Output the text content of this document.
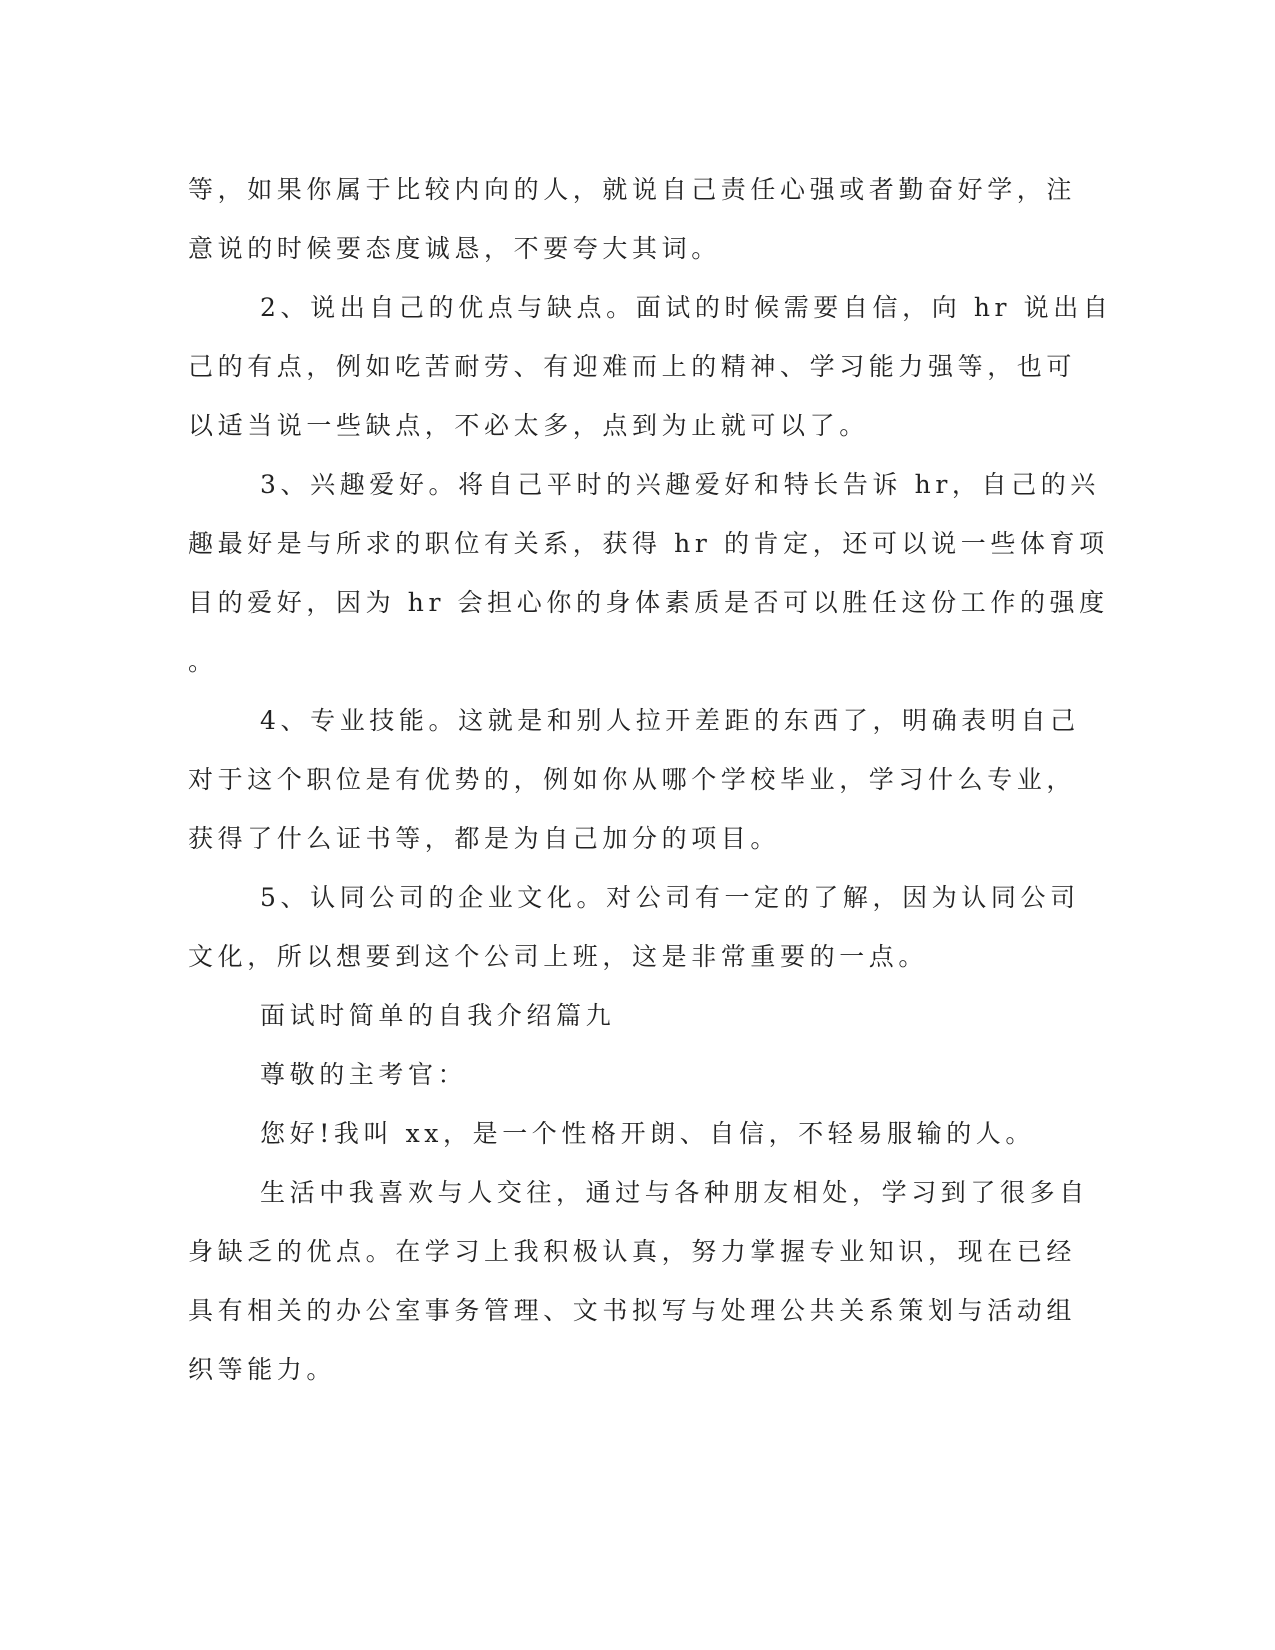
等，如果你属于比较内向的人，就说自己责任心强或者勤奋好学，注
意说的时候要态度诚恳，不要夸大其词。
2、说出自己的优点与缺点。面试的时候需要自信，向 hr 说出自
己的有点，例如吃苦耐劳、有迎难而上的精神、学习能力强等，也可
以适当说一些缺点，不必太多，点到为止就可以了。
3、兴趣爱好。将自己平时的兴趣爱好和特长告诉 hr，自己的兴
趣最好是与所求的职位有关系，获得 hr 的肯定，还可以说一些体育项
目的爱好，因为 hr 会担心你的身体素质是否可以胜任这份工作的强度
。
4、专业技能。这就是和别人拉开差距的东西了，明确表明自己
对于这个职位是有优势的，例如你从哪个学校毕业，学习什么专业，
获得了什么证书等，都是为自己加分的项目。
5、认同公司的企业文化。对公司有一定的了解，因为认同公司
文化，所以想要到这个公司上班，这是非常重要的一点。
面试时简单的自我介绍篇九
尊敬的主考官：
您好!我叫 xx，是一个性格开朗、自信，不轻易服输的人。
生活中我喜欢与人交往，通过与各种朋友相处，学习到了很多自
身缺乏的优点。在学习上我积极认真，努力掌握专业知识，现在已经
具有相关的办公室事务管理、文书拟写与处理公共关系策划与活动组
织等能力。
